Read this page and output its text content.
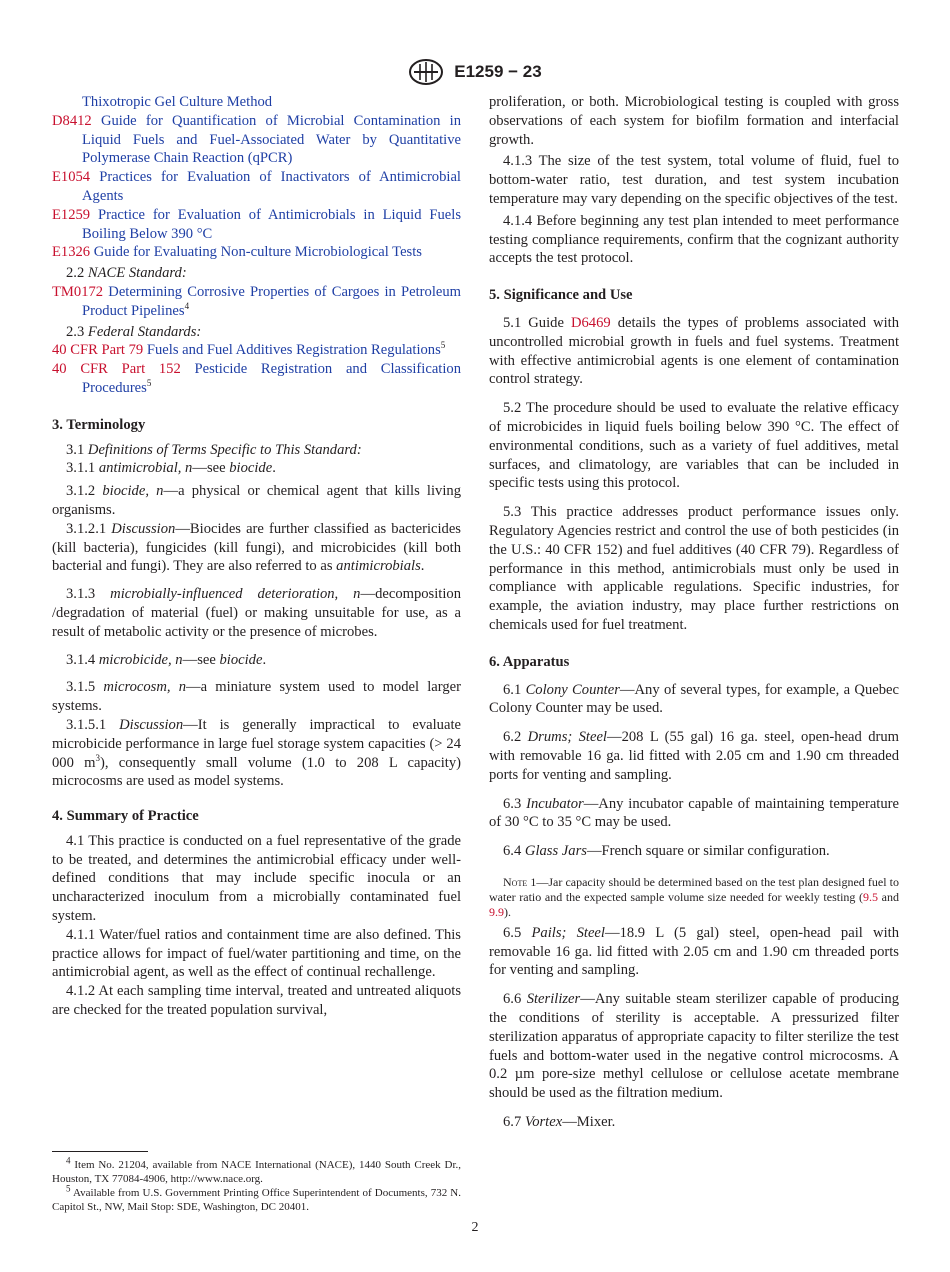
E1259 − 23

Thixotropic Gel Culture Method

D8412 Guide for Quantification of Microbial Contamination in Liquid Fuels and Fuel-Associated Water by Quantitative Polymerase Chain Reaction (qPCR)

E1054 Practices for Evaluation of Inactivators of Antimicrobial Agents

E1259 Practice for Evaluation of Antimicrobials in Liquid Fuels Boiling Below 390 °C

E1326 Guide for Evaluating Non-culture Microbiological Tests

2.2 NACE Standard:

TM0172 Determining Corrosive Properties of Cargoes in Petroleum Product Pipelines$^4$

2.3 Federal Standards:

40 CFR Part 79 Fuels and Fuel Additives Registration Regulations$^5$

40 CFR Part 152 Pesticide Registration and Classification Procedures$^5$

3. Terminology

3.1 Definitions of Terms Specific to This Standard:

3.1.1 antimicrobial, n—see biocide.

3.1.2 biocide, n—a physical or chemical agent that kills living organisms.

3.1.2.1 Discussion—Biocides are further classified as bactericides (kill bacteria), fungicides (kill fungi), and microbicides (kill both bacterial and fungi). They are also referred to as antimicrobials.

3.1.3 microbially-influenced deterioration, n—decomposition /degradation of material (fuel) or making unsuitable for use, as a result of metabolic activity or the presence of microbes.

3.1.4 microbicide, n—see biocide.

3.1.5 microcosm, n—a miniature system used to model larger systems.

3.1.5.1 Discussion—It is generally impractical to evaluate microbicide performance in large fuel storage system capacities (> 24 000 $m^3$), consequently small volume (1.0 to 208 L capacity) microcosms are used as model systems.

4. Summary of Practice

4.1 This practice is conducted on a fuel representative of the grade to be treated, and determines the antimicrobial efficacy under well-defined conditions that may include specific inocula or an uncharacterized inoculum from a microbially contaminated fuel system.

4.1.1 Water/fuel ratios and containment time are also defined. This practice allows for impact of fuel/water partitioning and time, on the antimicrobial agent, as well as the effect of continual rechallenge.

4.1.2 At each sampling time interval, treated and untreated aliquots are checked for the treated population survival,

$^4$ Item No. 21204, available from NACE International (NACE), 1440 South Creek Dr., Houston, TX 77084-4906, http://www.nace.org.

$^5$ Available from U.S. Government Printing Office Superintendent of Documents, 732 N. Capitol St., NW, Mail Stop: SDE, Washington, DC 20401.

proliferation, or both. Microbiological testing is coupled with gross observations of each system for biofilm formation and interfacial growth.

4.1.3 The size of the test system, total volume of fluid, fuel to bottom-water ratio, test duration, and test system incubation temperature may vary depending on the specific objectives of the test.

4.1.4 Before beginning any test plan intended to meet performance testing compliance requirements, confirm that the cognizant authority accepts the test protocol.

5. Significance and Use

5.1 Guide D6469 details the types of problems associated with uncontrolled microbial growth in fuels and fuel systems. Treatment with effective antimicrobial agents is one element of contamination control strategy.

5.2 The procedure should be used to evaluate the relative efficacy of microbicides in liquid fuels boiling below 390 °C. The effect of environmental conditions, such as a variety of fuel additives, metal surfaces, and climatology, are variables that can be included in specific tests using this protocol.

5.3 This practice addresses product performance issues only. Regulatory Agencies restrict and control the use of both pesticides (in the U.S.: 40 CFR 152) and fuel additives (40 CFR 79). Regardless of performance in this method, antimicrobials must only be used in compliance with applicable regulations. Specific industries, for example, the aviation industry, may place further restrictions on chemicals used for fuel treatment.

6. Apparatus

6.1 Colony Counter—Any of several types, for example, a Quebec Colony Counter may be used.

6.2 Drums; Steel—208 L (55 gal) 16 ga. steel, open-head drum with removable 16 ga. lid fitted with 2.05 cm and 1.90 cm threaded ports for venting and sampling.

6.3 Incubator—Any incubator capable of maintaining temperature of 30 °C to 35 °C may be used.

6.4 Glass Jars—French square or similar configuration.

Note 1—Jar capacity should be determined based on the test plan designed fuel to water ratio and the expected sample volume size needed for weekly testing (9.5 and 9.9).

6.5 Pails; Steel—18.9 L (5 gal) steel, open-head pail with removable 16 ga. lid fitted with 2.05 cm and 1.90 cm threaded ports for venting and sampling.

6.6 Sterilizer—Any suitable steam sterilizer capable of producing the conditions of sterility is acceptable. A pressurized filter sterilization apparatus of appropriate capacity to filter sterilize the test fuels and bottom-water used in the negative control microcosms. A 0.2 µm pore-size methyl cellulose or cellulose acetate membrane should be used as the filtration medium.

6.7 Vortex—Mixer.

2
